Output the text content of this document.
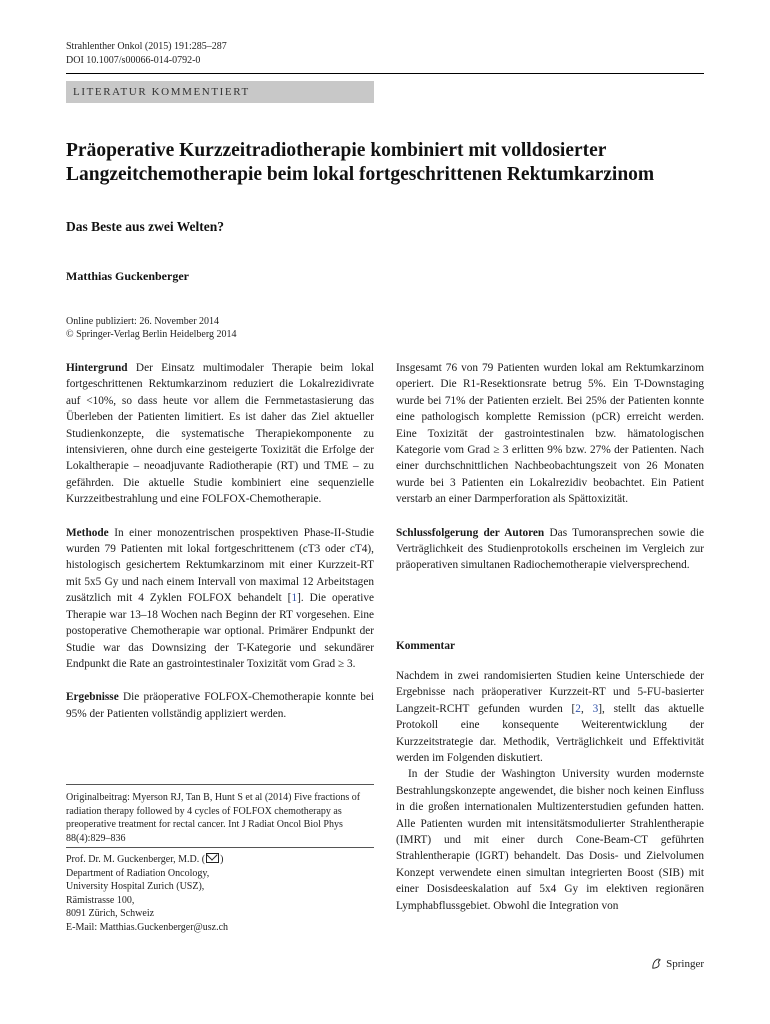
Strahlenther Onkol (2015) 191:285–287
DOI 10.1007/s00066-014-0792-0
LITERATUR KOMMENTIERT
Präoperative Kurzzeitradiotherapie kombiniert mit volldosierter Langzeitchemotherapie beim lokal fortgeschrittenen Rektumkarzinom
Das Beste aus zwei Welten?
Matthias Guckenberger
Online publiziert: 26. November 2014
© Springer-Verlag Berlin Heidelberg 2014

Hintergrund Der Einsatz multimodaler Therapie beim lokal fortgeschrittenen Rektumkarzinom reduziert die Lokalrezidivrate auf <10%, so dass heute vor allem die Fernmetastasierung das Überleben der Patienten limitiert. Es ist daher das Ziel aktueller Studienkonzepte, die systematische Therapiekomponente zu intensivieren, ohne durch eine gesteigerte Toxizität die Erfolge der Lokaltherapie – neoadjuvante Radiotherapie (RT) und TME – zu gefährden. Die aktuelle Studie kombiniert eine sequenzielle Kurzzeitbestrahlung und eine FOLFOX-Chemotherapie.

Methode In einer monozentrischen prospektiven Phase-II-Studie wurden 79 Patienten mit lokal fortgeschrittenem (cT3 oder cT4), histologisch gesichertem Rektumkarzinom mit einer Kurzzeit-RT mit 5x5 Gy und nach einem Intervall von maximal 12 Arbeitstagen zusätzlich mit 4 Zyklen FOLFOX behandelt [1]. Die operative Therapie war 13–18 Wochen nach Beginn der RT vorgesehen. Eine postoperative Chemotherapie war optional. Primärer Endpunkt der Studie war das Downsizing der T-Kategorie und sekundärer Endpunkt die Rate an gastrointestinaler Toxizität vom Grad ≥ 3.

Ergebnisse Die präoperative FOLFOX-Chemotherapie konnte bei 95% der Patienten vollständig appliziert werden.

Originalbeitrag: Myerson RJ, Tan B, Hunt S et al (2014) Five fractions of radiation therapy followed by 4 cycles of FOLFOX chemotherapy as preoperative treatment for rectal cancer. Int J Radiat Oncol Biol Phys 88(4):829–836
Prof. Dr. M. Guckenberger, M.D. ( )
Department of Radiation Oncology,
University Hospital Zurich (USZ),
Rämistrasse 100,
8091 Zürich, Schweiz
E-Mail: Matthias.Guckenberger@usz.ch

Insgesamt 76 von 79 Patienten wurden lokal am Rektumkarzinom operiert. Die R1-Resektionsrate betrug 5%. Ein T-Downstaging wurde bei 71% der Patienten erzielt. Bei 25% der Patienten konnte eine pathologisch komplette Remission (pCR) erreicht werden. Eine Toxizität der gastrointestinalen bzw. hämatologischen Kategorie vom Grad ≥ 3 erlitten 9% bzw. 27% der Patienten. Nach einer durchschnittlichen Nachbeobachtungszeit von 26 Monaten wurde bei 3 Patienten ein Lokalrezidiv beobachtet. Ein Patient verstarb an einer Darmperforation als Spättoxizität.

Schlussfolgerung der Autoren Das Tumoransprechen sowie die Verträglichkeit des Studienprotokolls erscheinen im Vergleich zur präoperativen simultanen Radiochemotherapie vielversprechend.

Kommentar

Nachdem in zwei randomisierten Studien keine Unterschiede der Ergebnisse nach präoperativer Kurzzeit-RT und 5-FU-basierter Langzeit-RCHT gefunden wurden [2, 3], stellt das aktuelle Protokoll eine konsequente Weiterentwicklung der Kurzzeitstrategie dar. Methodik, Verträglichkeit und Effektivität werden im Folgenden diskutiert.

In der Studie der Washington University wurden modernste Bestrahlungskonzepte angewendet, die bisher noch keinen Einfluss in die großen internationalen Multizenterstudien gefunden hatten. Alle Patienten wurden mit intensitätsmodulierter Strahlentherapie (IMRT) und mit einer durch Cone-Beam-CT geführten Strahlentherapie (IGRT) behandelt. Das Dosis- und Zielvolumen Konzept verwendete einen simultan integrierten Boost (SIB) mit einer Dosisdeeskalation auf 5x4 Gy im elektiven regionären Lymphabflussgebiet. Obwohl die Integration von

Springer
